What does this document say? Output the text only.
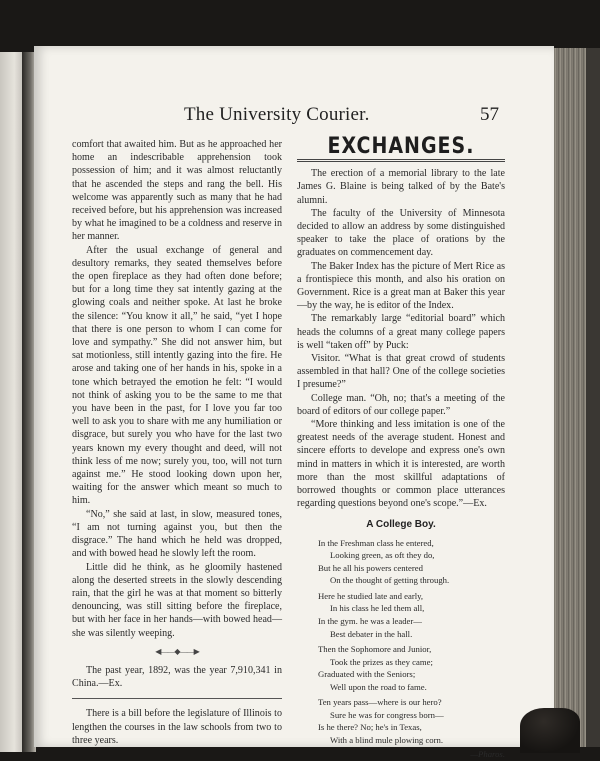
The University Courier.	57

comfort that awaited him. But as he approached her home an indescribable apprehension took possession of him; and it was almost reluctantly that he ascended the steps and rang the bell. His welcome was apparently such as many that he had received before, but his apprehension was increased by what he imagined to be a coldness and reserve in her manner.

After the usual exchange of general and desultory remarks, they seated themselves before the open fireplace as they had often done before; but for a long time they sat intently gazing at the glowing coals and neither spoke. At last he broke the silence: “You know it all,” he said, “yet I hope that there is one person to whom I can come for love and sympathy.” She did not answer him, but sat motionless, still intently gazing into the fire. He arose and taking one of her hands in his, spoke in a tone which betrayed the emotion he felt: “I would not think of asking you to be the same to me that you have been in the past, for I love you far too well to ask you to share with me any humiliation or disgrace, but surely you who have for the last two years known my every thought and deed, will not think less of me now; surely you, too, will not turn against me.” He stood looking down upon her, waiting for the answer which meant so much to him.

“No,” she said at last, in slow, measured tones, “I am not turning against you, but then the disgrace.” The hand which he held was dropped, and with bowed head he slowly left the room.

Little did he think, as he gloomily hastened along the deserted streets in the slowly descending rain, that the girl he was at that moment so bitterly denouncing, was still sitting before the fireplace, but with her face in her hands—with bowed head—she was silently weeping.

◀——◆——▶

The past year, 1892, was the year 7,910,341 in China.—Ex.

There is a bill before the legislature of Illinois to lengthen the courses in the law schools from two to three years.

EXCHANGES.

The erection of a memorial library to the late James G. Blaine is being talked of by the Bate's alumni.

The faculty of the University of Minnesota decided to allow an address by some distinguished speaker to take the place of orations by the graduates on commencement day.

The Baker Index has the picture of Mert Rice as a frontispiece this month, and also his oration on Government. Rice is a great man at Baker this year—by the way, he is editor of the Index.

The remarkably large “editorial board” which heads the columns of a great many college papers is well “taken off” by Puck:

Visitor. “What is that great crowd of students assembled in that hall? One of the college societies I presume?”

College man. “Oh, no; that's a meeting of the board of editors of our college paper.”

“More thinking and less imitation is one of the greatest needs of the average student. Honest and sincere efforts to develope and express one's own mind in matters in which it is interested, are worth more than the most skillful adaptations of borrowed thoughts or common place utterances regarding questions beyond one's scope.”—Ex.

A College Boy.
In the Freshman class he entered,
Looking green, as oft they do,
But he all his powers centered
On the thought of getting through.
Here he studied late and early,
In his class he led them all,
In the gym. he was a leader—
Best debater in the hall.
Then the Sophomore and Junior,
Took the prizes as they came;
Graduated with the Seniors;
Well upon the road to fame.
Ten years pass—where is our hero?
Sure he was for congress born—
Is he there? No; he's in Texas,
With a blind mule plowing corn.
—Pharos.
